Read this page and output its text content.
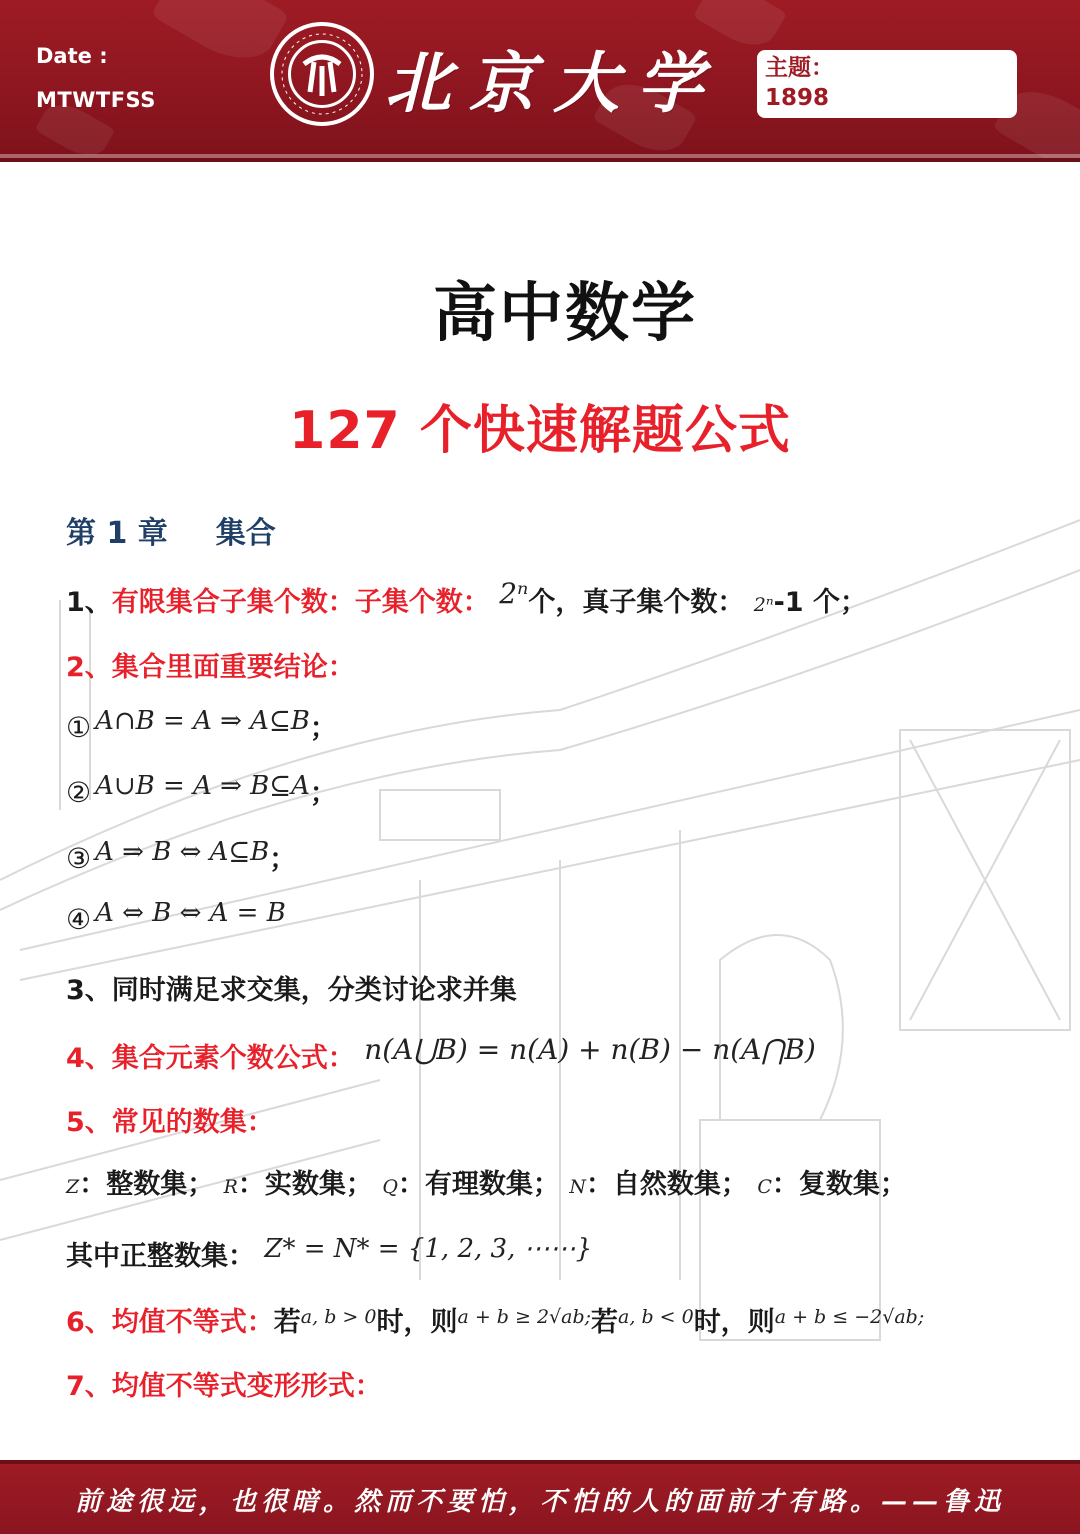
Date :
MTWTFSS	北京大学 主题：
1898
高中数学
127 个快速解题公式
第 1 章 集合
1、有限集合子集个数：子集个数： 2ⁿ个，真子集个数： 2ⁿ-1 个；
2、集合里面重要结论：
① A∩B = A ⇒ A⊆B；
② A∪B = A ⇒ B⊆A；
③ A ⇒ B ⇔ A⊆B；
④ A ⇔ B ⇔ A = B
3、同时满足求交集，分类讨论求并集
4、集合元素个数公式： n(A⋃B) = n(A) + n(B) − n(A⋂B)
5、常见的数集：
Z：整数集； R：实数集； Q：有理数集； N：自然数集； C：复数集；
其中正整数集： Z* = N* = {1, 2, 3, ⋯⋯}
6、均值不等式：若$^{a, b > 0}$时，则$^{a + b \ge 2√ab;}$若$^{a, b < 0}$时，则$^{a + b \le -2√ab;}$
7、均值不等式变形形式：
前途很远，也很暗。然而不要怕，不怕的人的面前才有路。——鲁迅
